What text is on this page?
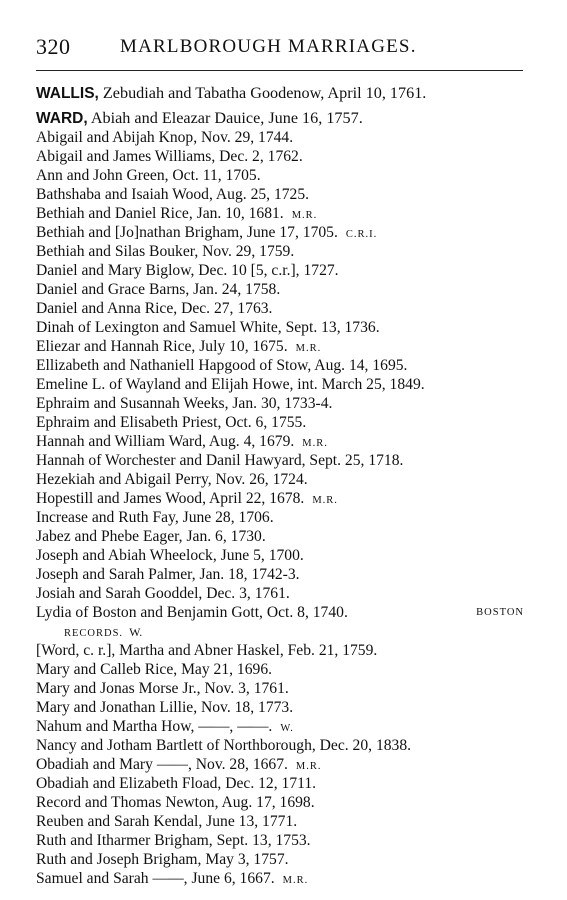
320	MARLBOROUGH MARRIAGES.
WALLIS, Zebudiah and Tabatha Goodenow, April 10, 1761.
WARD, Abiah and Eleazar Dauice, June 16, 1757.
Abigail and Abijah Knop, Nov. 29, 1744.
Abigail and James Williams, Dec. 2, 1762.
Ann and John Green, Oct. 11, 1705.
Bathshaba and Isaiah Wood, Aug. 25, 1725.
Bethiah and Daniel Rice, Jan. 10, 1681. M.R.
Bethiah and [Jo]nathan Brigham, June 17, 1705. C.R.I.
Bethiah and Silas Bouker, Nov. 29, 1759.
Daniel and Mary Biglow, Dec. 10 [5, c.r.], 1727.
Daniel and Grace Barns, Jan. 24, 1758.
Daniel and Anna Rice, Dec. 27, 1763.
Dinah of Lexington and Samuel White, Sept. 13, 1736.
Eliezar and Hannah Rice, July 10, 1675. M.R.
Ellizabeth and Nathaniell Hapgood of Stow, Aug. 14, 1695.
Emeline L. of Wayland and Elijah Howe, int. March 25, 1849.
Ephraim and Susannah Weeks, Jan. 30, 1733-4.
Ephraim and Elisabeth Priest, Oct. 6, 1755.
Hannah and William Ward, Aug. 4, 1679. M.R.
Hannah of Worchester and Danil Hawyard, Sept. 25, 1718.
Hezekiah and Abigail Perry, Nov. 26, 1724.
Hopestill and James Wood, April 22, 1678. M.R.
Increase and Ruth Fay, June 28, 1706.
Jabez and Phebe Eager, Jan. 6, 1730.
Joseph and Abiah Wheelock, June 5, 1700.
Joseph and Sarah Palmer, Jan. 18, 1742-3.
Josiah and Sarah Gooddel, Dec. 3, 1761.
Lydia of Boston and Benjamin Gott, Oct. 8, 1740.	BOSTON
RECORDS. W.
[Word, c. r.], Martha and Abner Haskel, Feb. 21, 1759.
Mary and Calleb Rice, May 21, 1696.
Mary and Jonas Morse Jr., Nov. 3, 1761.
Mary and Jonathan Lillie, Nov. 18, 1773.
Nahum and Martha How, ——, ——. W.
Nancy and Jotham Bartlett of Northborough, Dec. 20, 1838.
Obadiah and Mary ——, Nov. 28, 1667. M.R.
Obadiah and Elizabeth Fload, Dec. 12, 1711.
Record and Thomas Newton, Aug. 17, 1698.
Reuben and Sarah Kendal, June 13, 1771.
Ruth and Itharmer Brigham, Sept. 13, 1753.
Ruth and Joseph Brigham, May 3, 1757.
Samuel and Sarah ——, June 6, 1667. M.R.
